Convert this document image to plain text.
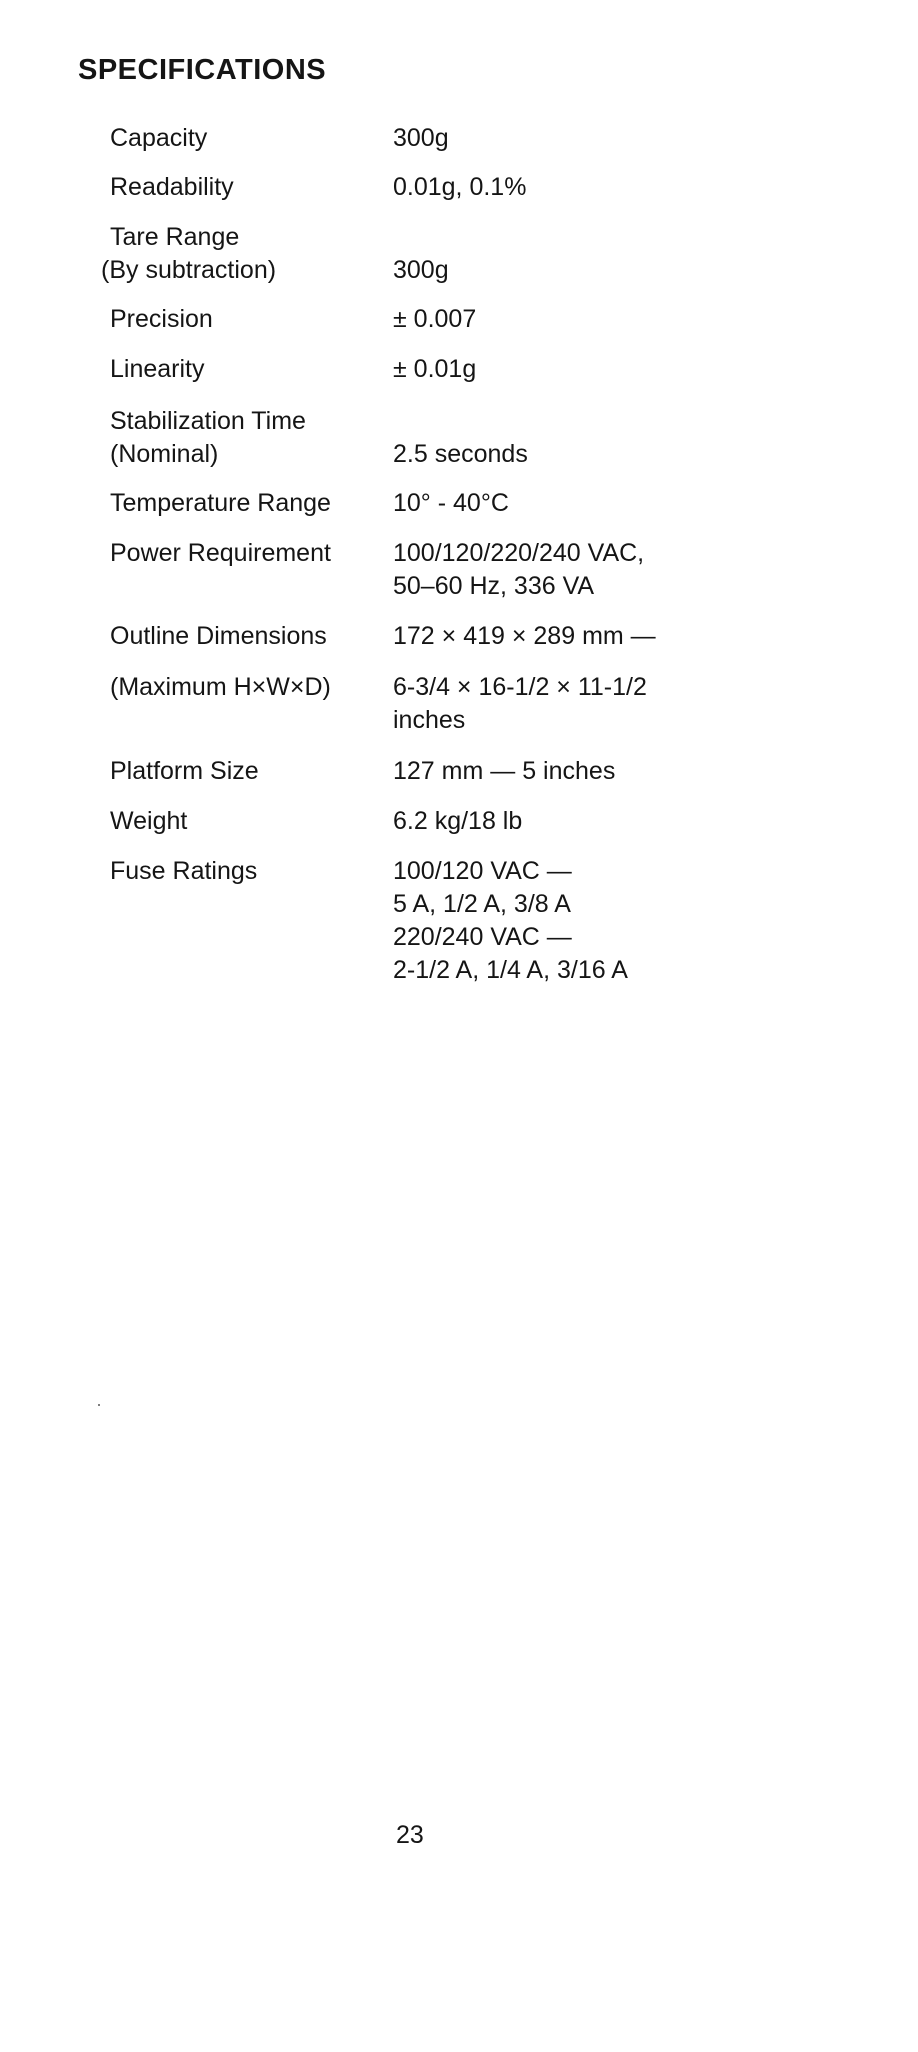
SPECIFICATIONS
Capacity	300g
Readability	0.01g, 0.1%
Tare Range
(By subtraction)
	300g
Precision	± 0.007
Linearity	± 0.01g
Stabilization Time
(Nominal)
	2.5 seconds
Temperature Range 10° - 40°C
Power Requirement 100/120/220/240 VAC,
50–60 Hz, 336 VA
Outline Dimensions	172 × 419 × 289 mm —
(Maximum H×W×D) 6-3/4 × 16-1/2 × 11-1/2
inches
Platform Size	127 mm — 5 inches
Weight	6.2 kg/18 lb
Fuse Ratings	100/120 VAC —
5 A, 1/2 A, 3/8 A
220/240 VAC —
2-1/2 A, 1/4 A, 3/16 A
23
